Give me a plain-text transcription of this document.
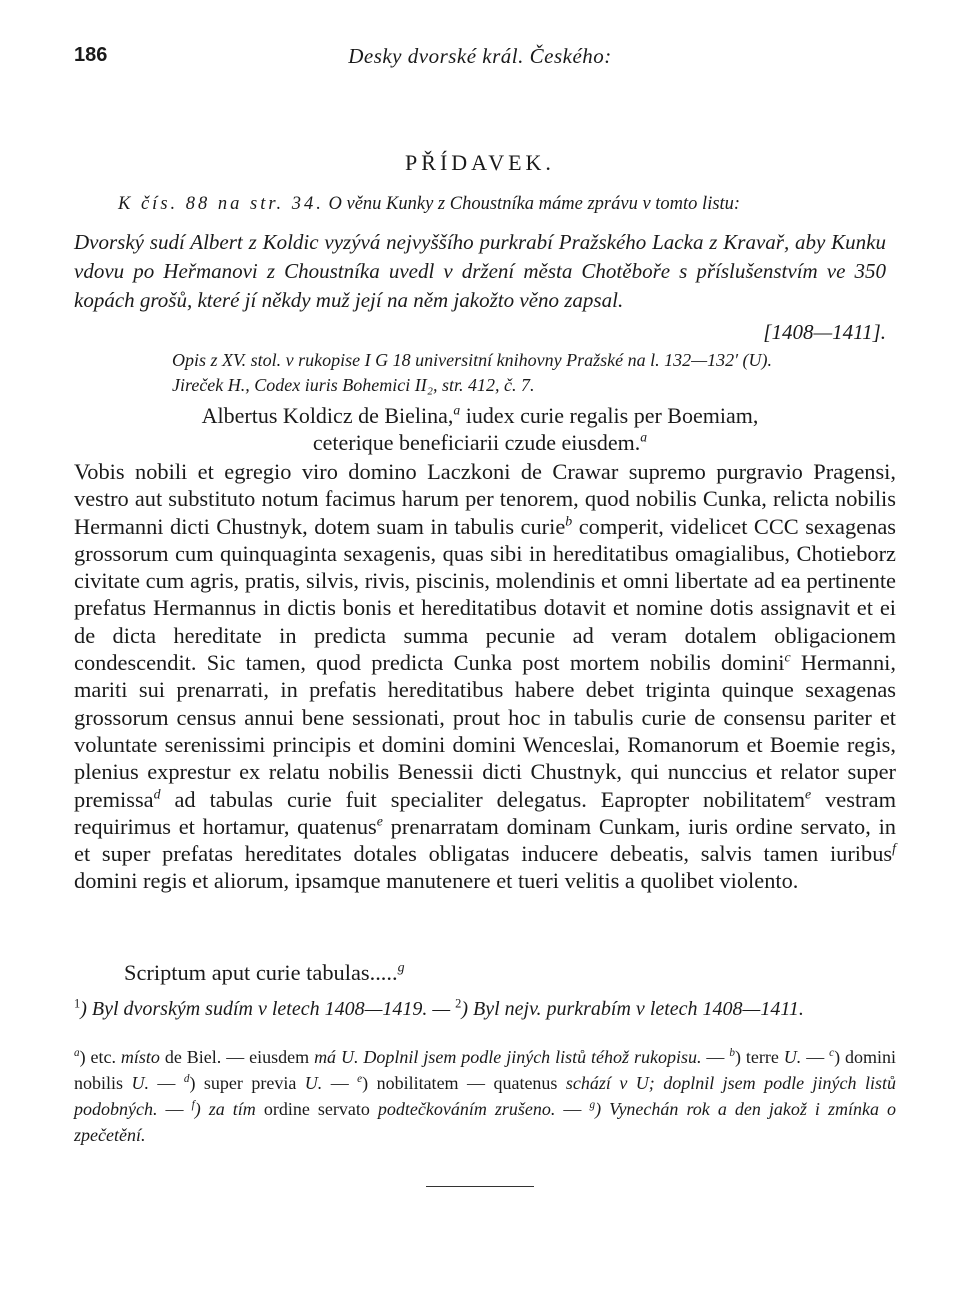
186	Desky dvorské král. Českého:
PŘÍDAVEK.
K čís. 88 na str. 34. O věnu Kunky z Choustníka máme zprávu v tomto listu:
Dvorský sudí Albert z Koldic vyzývá nejvyššího purkrabí Pražského Lacka z Kravař, aby Kunku vdovu po Heřmanovi z Choustníka uvedl v držení města Chotěboře s příslušenstvím ve 350 kopách grošů, které jí někdy muž její na něm jakožto věno zapsal.
[1408—1411].
Opis z XV. stol. v rukopise I G 18 universitní knihovny Pražské na l. 132—132′ (U).
Jireček H., Codex iuris Bohemici II₂, str. 412, č. 7.
Albertus Koldicz de Bielina,$^a$ iudex curie regalis per Boemiam,
ceterique beneficiarii czude eiusdem.$^a$

Vobis nobili et egregio viro domino Laczkoni de Crawar supremo purgravio Pragensi, vestro aut substituto notum facimus harum per tenorem, quod nobilis Cunka, relicta nobilis Hermanni dicti Chustnyk, dotem suam in tabulis curie$^b$ comperit, videlicet CCC sexagenas grossorum cum quinquaginta sexagenis, quas sibi in hereditatibus omagialibus, Chotieborz civitate cum agris, pratis, silvis, rivis, piscinis, molendinis et omni libertate ad ea pertinente prefatus Hermannus in dictis bonis et hereditatibus dotavit et nomine dotis assignavit et ei de dicta hereditate in predicta summa pecunie ad veram dotalem obligacionem condescendit. Sic tamen, quod predicta Cunka post mortem nobilis domini$^c$ Hermanni, mariti sui prenarrati, in prefatis hereditatibus habere debet triginta quinque sexagenas grossorum census annui bene sessionati, prout hoc in tabulis curie de consensu pariter et voluntate serenissimi principis et domini domini Wenceslai, Romanorum et Boemie regis, plenius exprestur ex relatu nobilis Benessii dicti Chustnyk, qui nunccius et relator super premissa$^d$ ad tabulas curie fuit specialiter delegatus. Eapropter nobilitatem$^e$ vestram requirimus et hortamur, quatenus$^e$ prenarratam dominam Cunkam, iuris ordine servato, in et super prefatas hereditates dotales obligatas inducere debeatis, salvis tamen iuribus$^f$ domini regis et aliorum, ipsamque manutenere et tueri velitis a quolibet violento.

Scriptum aput curie tabulas.....$^g$
$^1$) Byl dvorským sudím v letech 1408—1419. — $^2$) Byl nejv. purkrabím v letech 1408—1411.
$^a$) etc. místo de Biel. — eiusdem má U. Doplnil jsem podle jiných listů téhož rukopisu. — $^b$) terre U. — $^c$) domini nobilis U. — $^d$) super previa U. — $^e$) nobilitatem — quatenus schází v U; doplnil jsem podle jiných listů podobných. — $^f$) za tím ordine servato podtečkováním zrušeno. — $^g$) Vynechán rok a den jakož i zmínka o zpečetění.
